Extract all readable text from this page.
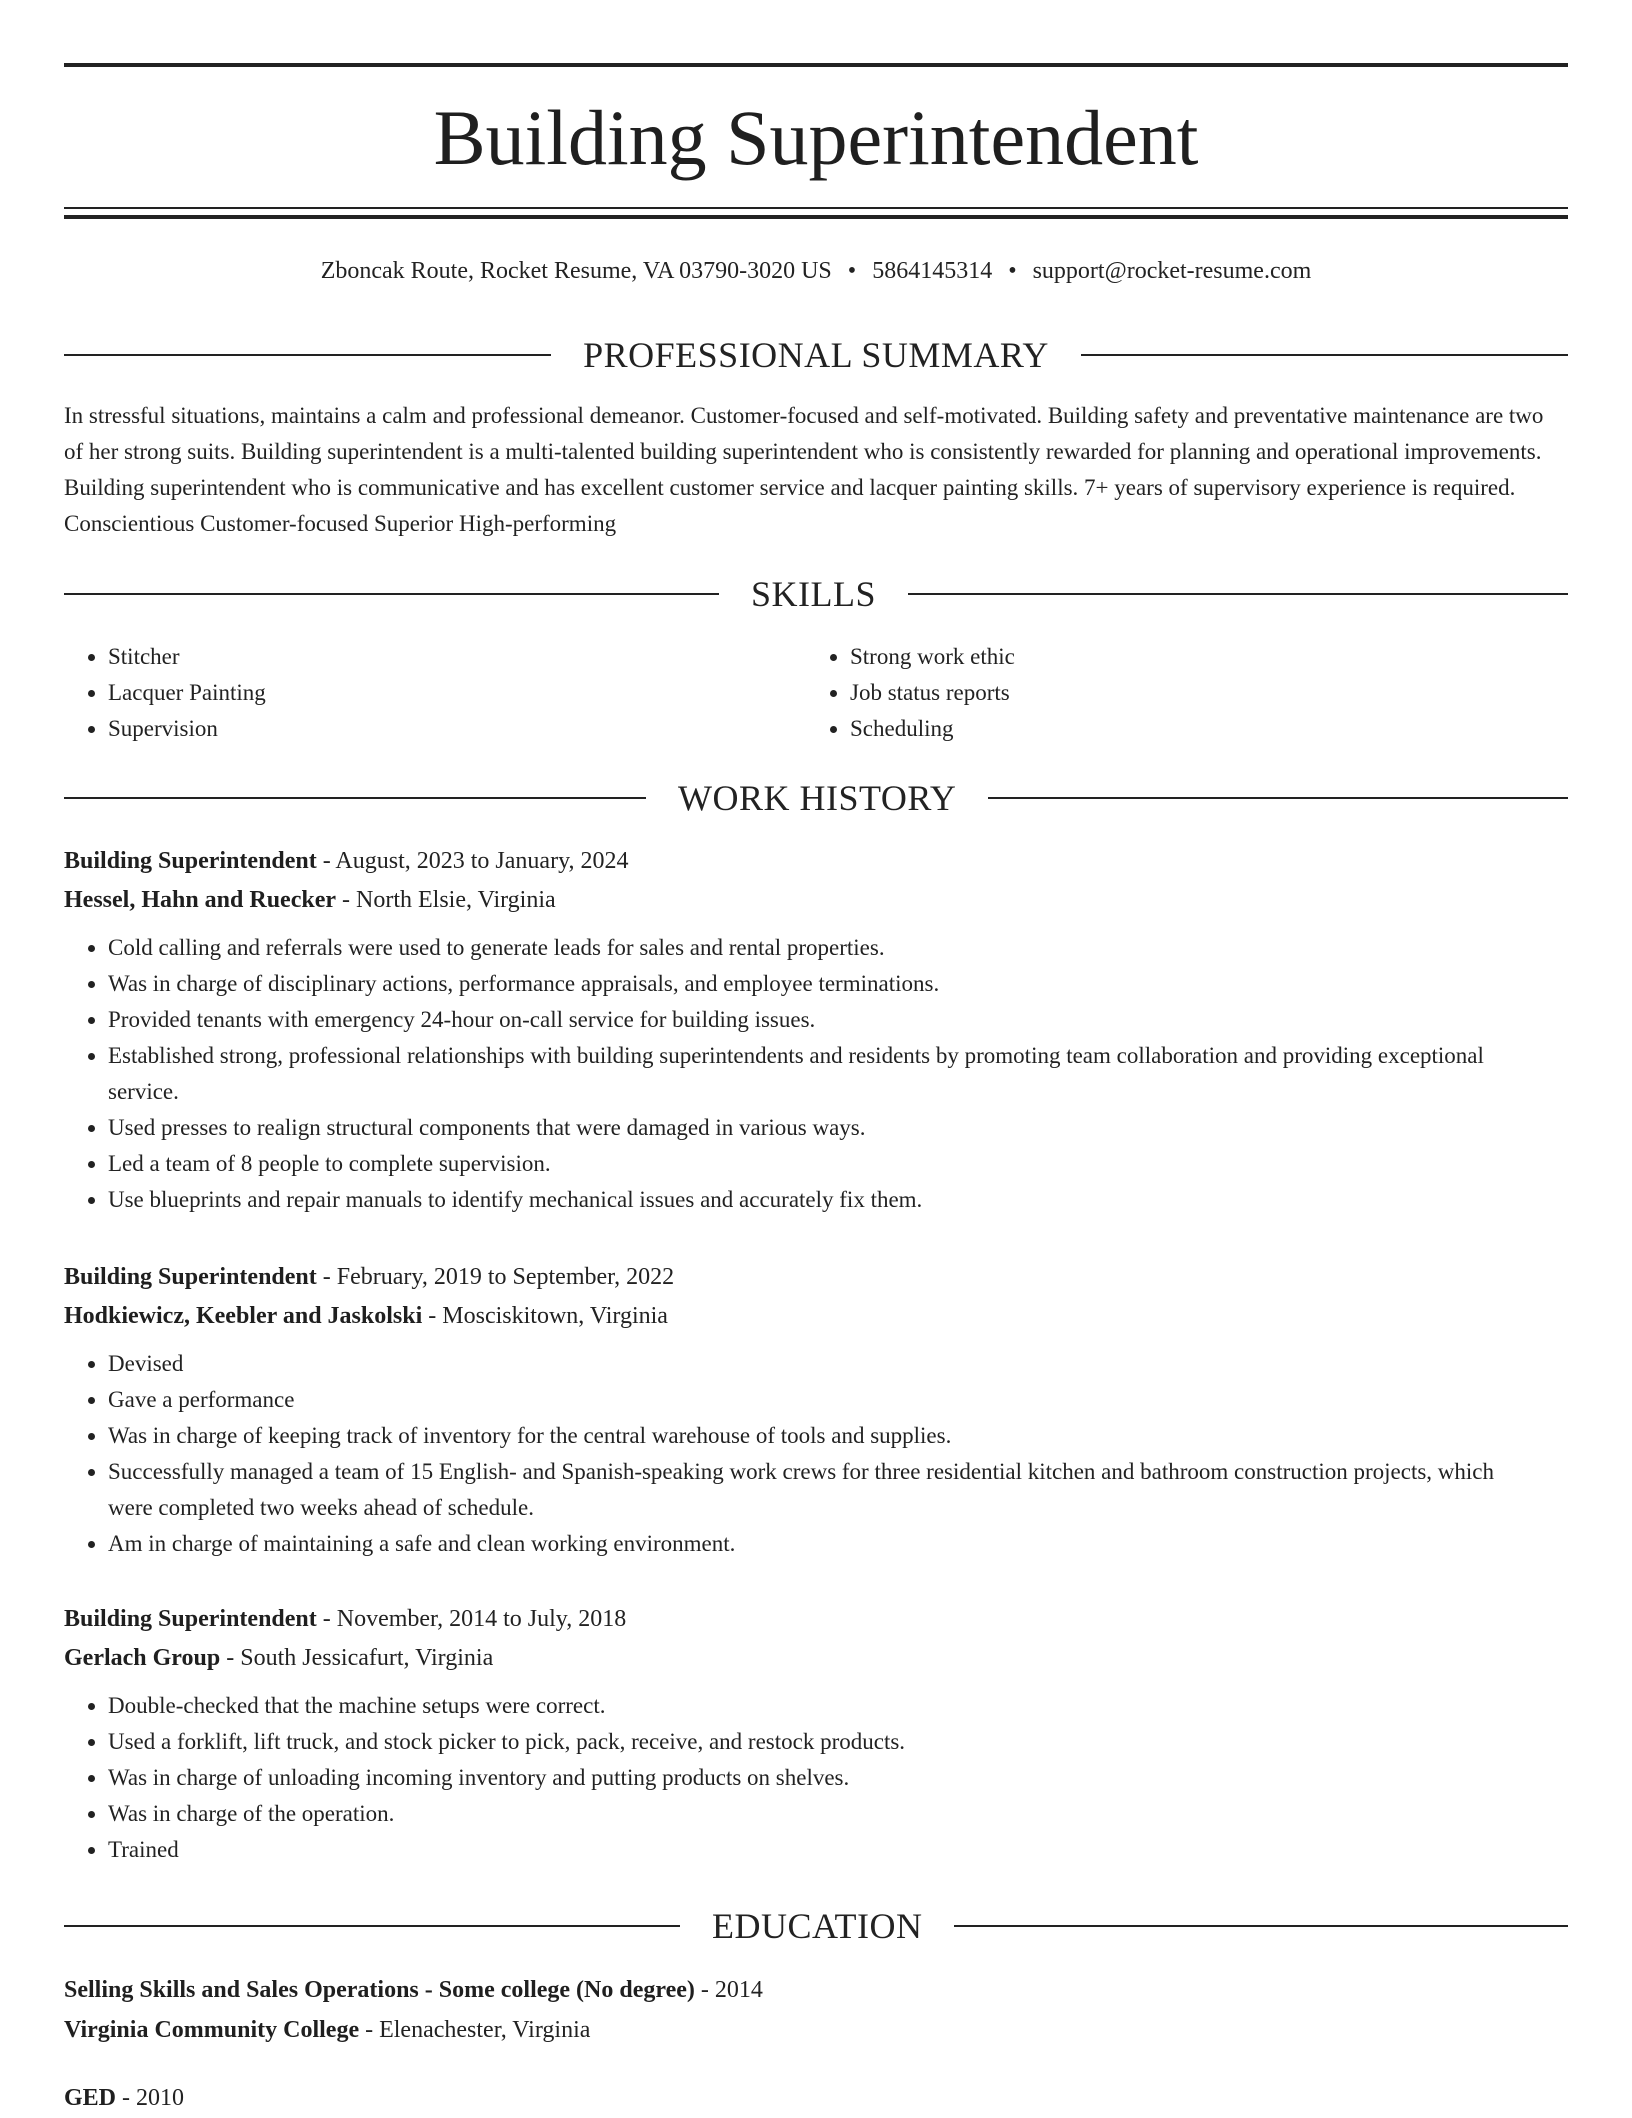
Building Superintendent
Zboncak Route, Rocket Resume, VA 03790-3020 US • 5864145314 • support@rocket-resume.com
PROFESSIONAL SUMMARY

In stressful situations, maintains a calm and professional demeanor. Customer-focused and self-motivated. Building safety and preventative maintenance are two of her strong suits. Building superintendent is a multi-talented building superintendent who is consistently rewarded for planning and operational improvements. Building superintendent who is communicative and has excellent customer service and lacquer painting skills. 7+ years of supervisory experience is required. Conscientious Customer-focused Superior High-performing

SKILLS
• Stitcher
• Lacquer Painting
• Supervision
• Strong work ethic
• Job status reports
• Scheduling
WORK HISTORY
Building Superintendent - August, 2023 to January, 2024
Hessel, Hahn and Ruecker - North Elsie, Virginia
• Cold calling and referrals were used to generate leads for sales and rental properties.
• Was in charge of disciplinary actions, performance appraisals, and employee terminations.
• Provided tenants with emergency 24-hour on-call service for building issues.
• Established strong, professional relationships with building superintendents and residents by promoting team collaboration and providing exceptional service.
• Used presses to realign structural components that were damaged in various ways.
• Led a team of 8 people to complete supervision.
• Use blueprints and repair manuals to identify mechanical issues and accurately fix them.
Building Superintendent - February, 2019 to September, 2022
Hodkiewicz, Keebler and Jaskolski - Mosciskitown, Virginia
• Devised
• Gave a performance
• Was in charge of keeping track of inventory for the central warehouse of tools and supplies.
• Successfully managed a team of 15 English- and Spanish-speaking work crews for three residential kitchen and bathroom construction projects, which were completed two weeks ahead of schedule.
• Am in charge of maintaining a safe and clean working environment.
Building Superintendent - November, 2014 to July, 2018
Gerlach Group - South Jessicafurt, Virginia
• Double-checked that the machine setups were correct.
• Used a forklift, lift truck, and stock picker to pick, pack, receive, and restock products.
• Was in charge of unloading incoming inventory and putting products on shelves.
• Was in charge of the operation.
• Trained
EDUCATION
Selling Skills and Sales Operations - Some college (No degree) - 2014
Virginia Community College - Elenachester, Virginia
GED - 2010
